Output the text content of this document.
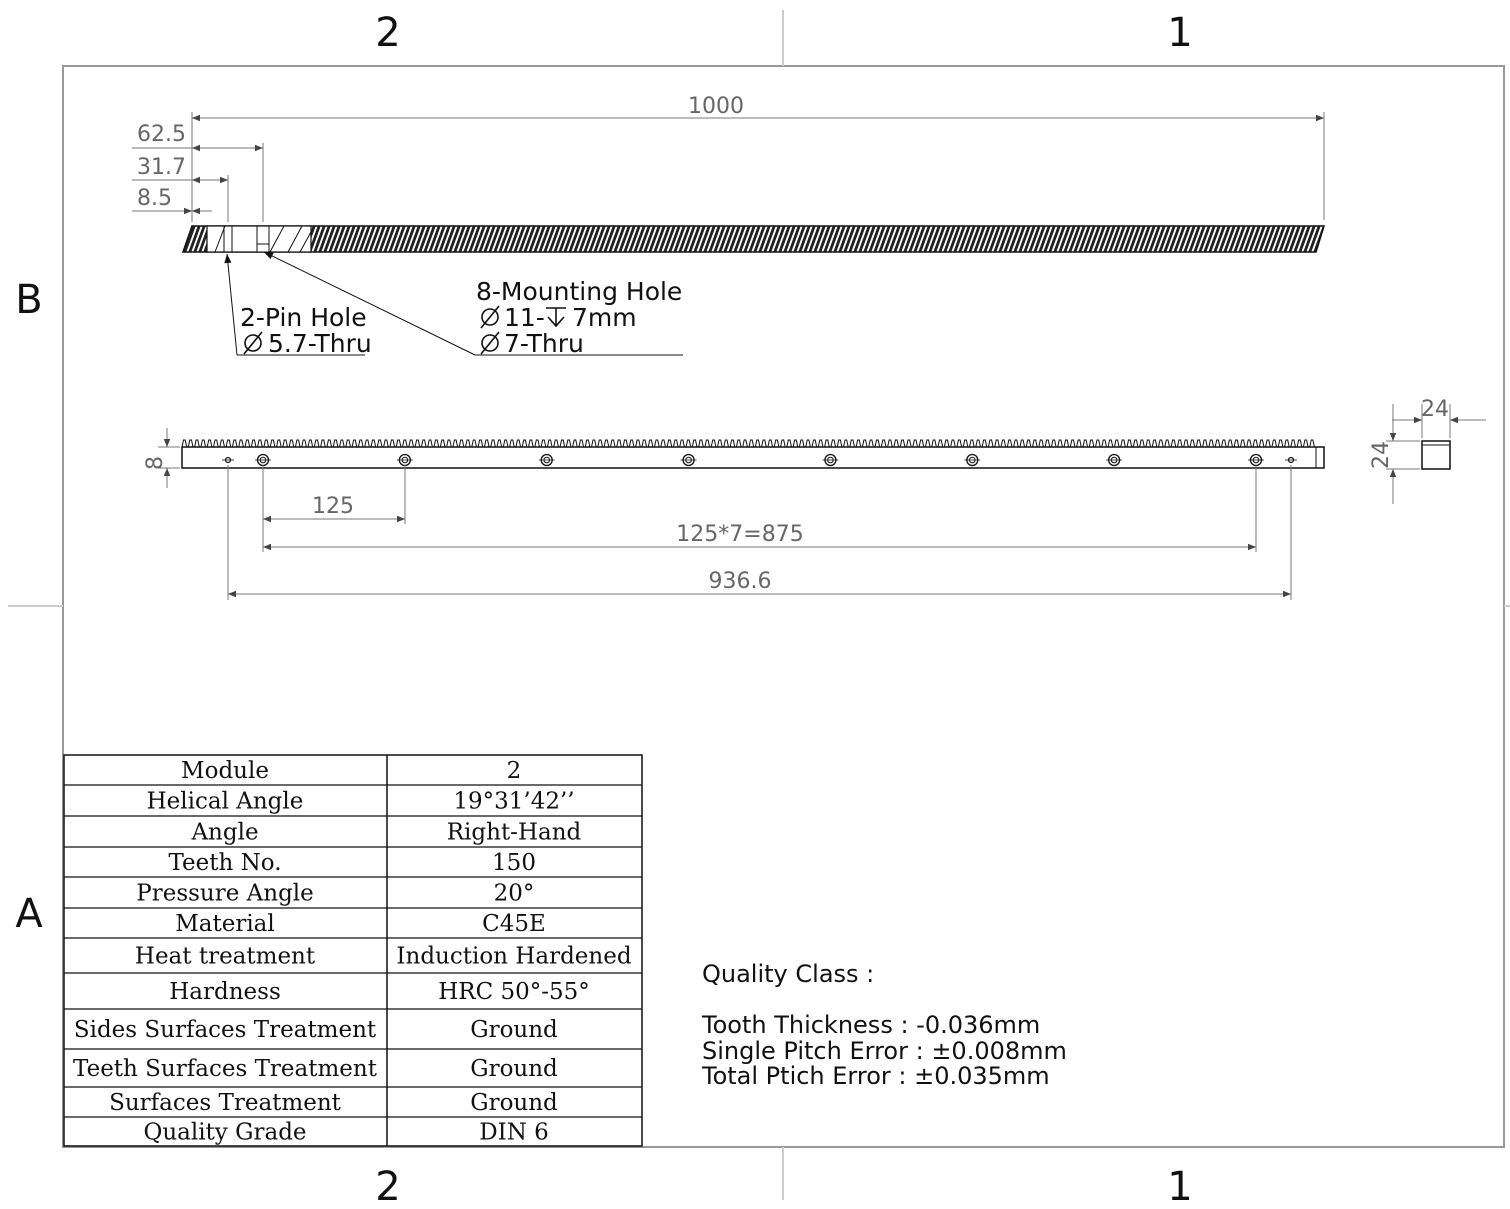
2	1
2	1
B
A
1000
62.5
31.7
8.5
2-Pin Hole
5.7-Thru
8-Mounting Hole
11- 7mm
7-Thru
8
125
125*7=875
936.6
24
24
Module	2
Helical Angle	19°31’42’’
Angle	Right-Hand
Teeth No.	150
Pressure Angle	20°
Material	C45E
Heat treatment	Induction Hardened
Hardness	HRC 50°-55°
Sides Surfaces Treatment	Ground
Teeth Surfaces Treatment	Ground
Surfaces Treatment	Ground
Quality Grade	DIN 6
Quality Class :
Tooth Thickness : -0.036mm
Single Pitch Error : ±0.008mm
Total Ptich Error : ±0.035mm
